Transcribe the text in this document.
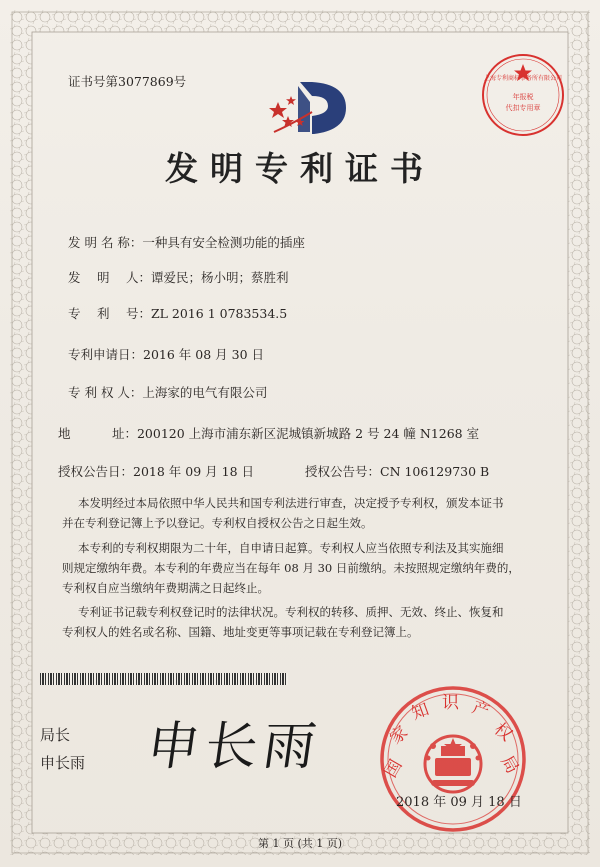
证书号第3077869号	上海专利商标事务所有限公司
年报税
代扣专用章
发明专利证书
发 明 名 称：一种具有安全检测功能的插座
发　 明　 人：谭爱民；杨小明；蔡胜利
专　 利　 号：ZL 2016 1 0783534.5
专利申请日：2016 年 08 月 30 日
专 利 权 人：上海家的电气有限公司
地　　　 址：200120 上海市浦东新区泥城镇新城路 2 号 24 幢 N1268 室
授权公告日：2018 年 09 月 18 日	授权公告号：CN 106129730 B
本发明经过本局依照中华人民共和国专利法进行审查，决定授予专利权，颁发本证书
并在专利登记簿上予以登记。专利权自授权公告之日起生效。
本专利的专利权期限为二十年，自申请日起算。专利权人应当依照专利法及其实施细
则规定缴纳年费。本专利的年费应当在每年 08 月 30 日前缴纳。未按照规定缴纳年费的，
专利权自应当缴纳年费期满之日起终止。
专利证书记载专利权登记时的法律状况。专利权的转移、质押、无效、终止、恢复和
专利权人的姓名或名称、国籍、地址变更等事项记载在专利登记簿上。
局长
申长雨 申长雨	国
家
知 识 产
权
局
2018 年 09 月 18 日
第 1 页 (共 1 页)
